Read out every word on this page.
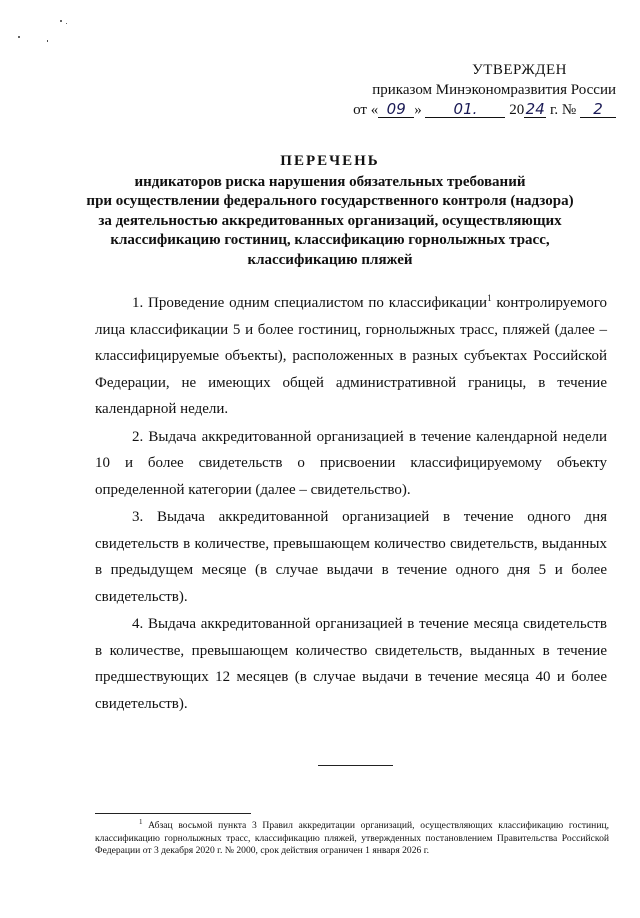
УТВЕРЖДЕН
приказом Минэкономразвития России
от « 09 » 01. 2024 г. № 2
ПЕРЕЧЕНЬ
индикаторов риска нарушения обязательных требований
при осуществлении федерального государственного контроля (надзора)
за деятельностью аккредитованных организаций, осуществляющих
классификацию гостиниц, классификацию горнолыжных трасс,
классификацию пляжей

1. Проведение одним специалистом по классификации$^1$ контролируемого лица классификации 5 и более гостиниц, горнолыжных трасс, пляжей (далее – классифицируемые объекты), расположенных в разных субъектах Российской Федерации, не имеющих общей административной границы, в течение календарной недели.

2. Выдача аккредитованной организацией в течение календарной недели 10 и более свидетельств о присвоении классифицируемому объекту определенной категории (далее – свидетельство).

3. Выдача аккредитованной организацией в течение одного дня свидетельств в количестве, превышающем количество свидетельств, выданных в предыдущем месяце (в случае выдачи в течение одного дня 5 и более свидетельств).

4. Выдача аккредитованной организацией в течение месяца свидетельств в количестве, превышающем количество свидетельств, выданных в течение предшествующих 12 месяцев (в случае выдачи в течение месяца 40 и более свидетельств).

$^1$ Абзац восьмой пункта 3 Правил аккредитации организаций, осуществляющих классификацию гостиниц, классификацию горнолыжных трасс, классификацию пляжей, утвержденных постановлением Правительства Российской Федерации от 3 декабря 2020 г. № 2000, срок действия ограничен 1 января 2026 г.
